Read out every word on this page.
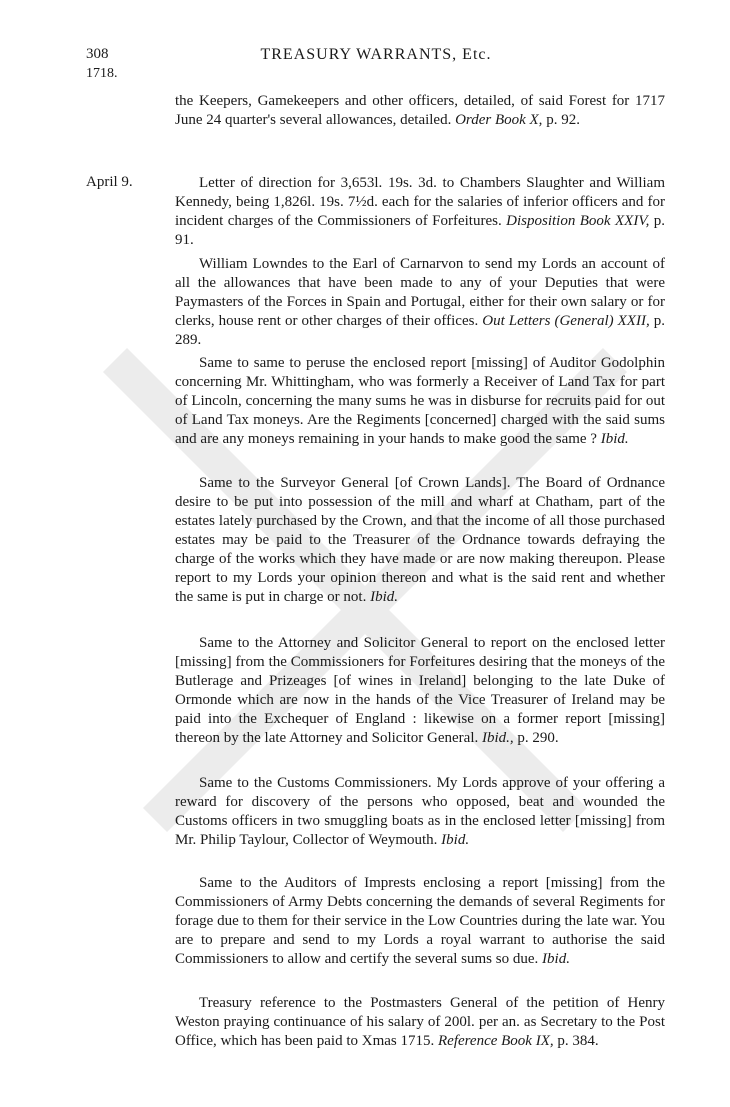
308	TREASURY WARRANTS, Etc.
1718.

the Keepers, Gamekeepers and other officers, detailed, of said Forest for 1717 June 24 quarter's several allowances, detailed. Order Book X, p. 92.

April 9.	Letter of direction for 3,653l. 19s. 3d. to Chambers Slaughter and William Kennedy, being 1,826l. 19s. 7½d. each for the salaries of inferior officers and for incident charges of the Commissioners of Forfeitures. Disposition Book XXIV, p. 91.

William Lowndes to the Earl of Carnarvon to send my Lords an account of all the allowances that have been made to any of your Deputies that were Paymasters of the Forces in Spain and Portugal, either for their own salary or for clerks, house rent or other charges of their offices. Out Letters (General) XXII, p. 289.

Same to same to peruse the enclosed report [missing] of Auditor Godolphin concerning Mr. Whittingham, who was formerly a Receiver of Land Tax for part of Lincoln, concerning the many sums he was in disburse for recruits paid for out of Land Tax moneys. Are the Regiments [concerned] charged with the said sums and are any moneys remaining in your hands to make good the same ? Ibid.

Same to the Surveyor General [of Crown Lands]. The Board of Ordnance desire to be put into possession of the mill and wharf at Chatham, part of the estates lately purchased by the Crown, and that the income of all those purchased estates may be paid to the Treasurer of the Ordnance towards defraying the charge of the works which they have made or are now making thereupon. Please report to my Lords your opinion thereon and what is the said rent and whether the same is put in charge or not. Ibid.

Same to the Attorney and Solicitor General to report on the enclosed letter [missing] from the Commissioners for Forfeitures desiring that the moneys of the Butlerage and Prizeages [of wines in Ireland] belonging to the late Duke of Ormonde which are now in the hands of the Vice Treasurer of Ireland may be paid into the Exchequer of England : likewise on a former report [missing] thereon by the late Attorney and Solicitor General. Ibid., p. 290.

Same to the Customs Commissioners. My Lords approve of your offering a reward for discovery of the persons who opposed, beat and wounded the Customs officers in two smuggling boats as in the enclosed letter [missing] from Mr. Philip Taylour, Collector of Weymouth. Ibid.

Same to the Auditors of Imprests enclosing a report [missing] from the Commissioners of Army Debts concerning the demands of several Regiments for forage due to them for their service in the Low Countries during the late war. You are to prepare and send to my Lords a royal warrant to authorise the said Commissioners to allow and certify the several sums so due. Ibid.

Treasury reference to the Postmasters General of the petition of Henry Weston praying continuance of his salary of 200l. per an. as Secretary to the Post Office, which has been paid to Xmas 1715. Reference Book IX, p. 384.
